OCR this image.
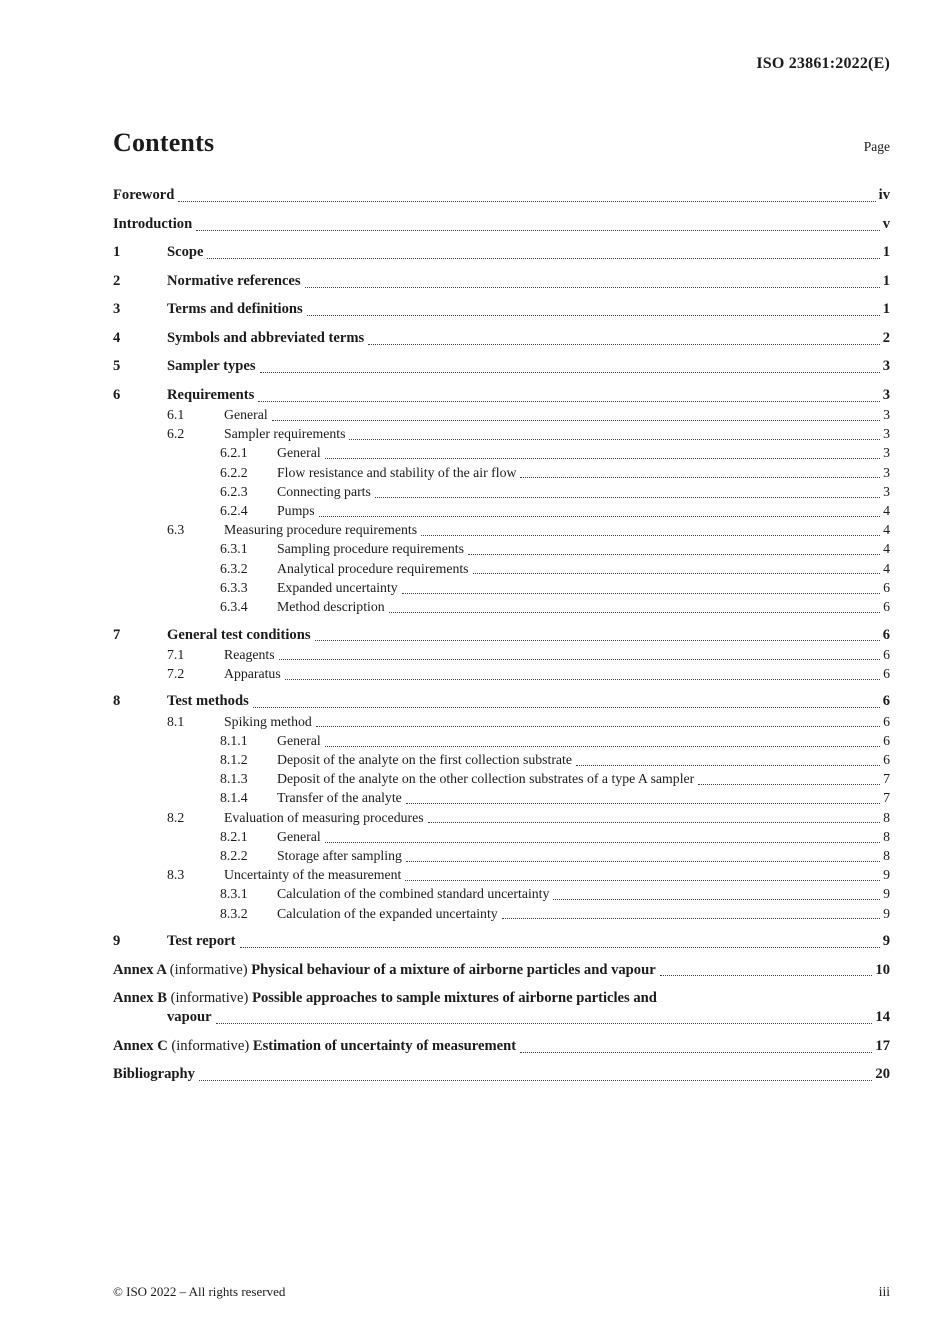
ISO 23861:2022(E)
Contents	Page
Foreword	iv
Introduction	v
1	Scope	1
2	Normative references	1
3	Terms and definitions	1
4	Symbols and abbreviated terms	2
5	Sampler types	3
6	Requirements	3
6.1	General	3
6.2	Sampler requirements	3
6.2.1	General	3
6.2.2	Flow resistance and stability of the air flow	3
6.2.3	Connecting parts	3
6.2.4	Pumps	4
6.3	Measuring procedure requirements	4
6.3.1	Sampling procedure requirements	4
6.3.2	Analytical procedure requirements	4
6.3.3	Expanded uncertainty	6
6.3.4	Method description	6
7	General test conditions	6
7.1	Reagents	6
7.2	Apparatus	6
8	Test methods	6
8.1	Spiking method	6
8.1.1	General	6
8.1.2	Deposit of the analyte on the first collection substrate	6
8.1.3	Deposit of the analyte on the other collection substrates of a type A sampler	7
8.1.4	Transfer of the analyte	7
8.2	Evaluation of measuring procedures	8
8.2.1	General	8
8.2.2	Storage after sampling	8
8.3	Uncertainty of the measurement	9
8.3.1	Calculation of the combined standard uncertainty	9
8.3.2	Calculation of the expanded uncertainty	9
9	Test report	9
Annex A (informative) Physical behaviour of a mixture of airborne particles and vapour	10
Annex B (informative) Possible approaches to sample mixtures of airborne particles and
vapour	14
Annex C (informative) Estimation of uncertainty of measurement	17
Bibliography	20
© ISO 2022 – All rights reserved	iii
